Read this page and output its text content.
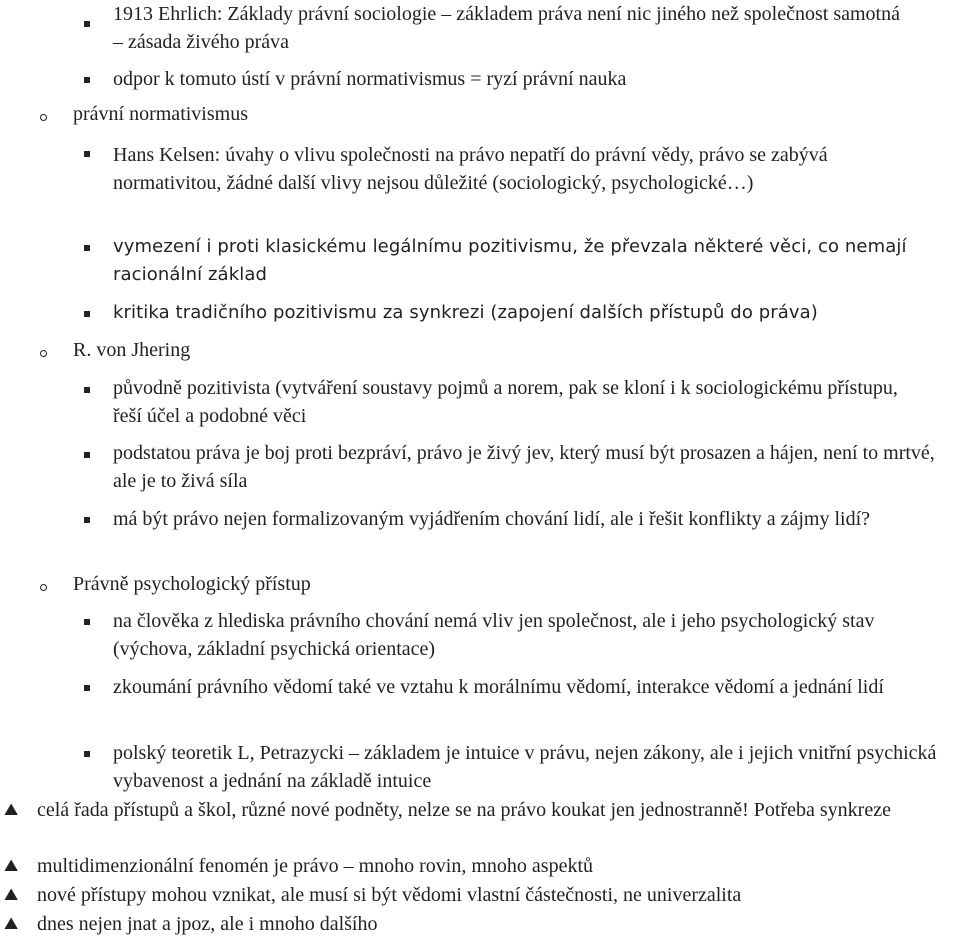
1913 Ehrlich: Základy právní sociologie – základem práva není nic jiného než společnost samotná – zásada živého práva
odpor k tomuto ústí v právní normativismus = ryzí právní nauka
právní normativismus
Hans Kelsen: úvahy o vlivu společnosti na právo nepatří do právní vědy, právo se zabývá normativitou, žádné další vlivy nejsou důležité (sociologický, psychologické…)
vymezení i proti klasickému legálnímu pozitivismu, že převzala některé věci, co nemají racionální základ
kritika tradičního pozitivismu za synkrezi (zapojení dalších přístupů do práva)
R. von Jhering
původně pozitivista (vytváření soustavy pojmů a norem, pak se kloní i k sociologickému přístupu, řeší účel a podobné věci
podstatou práva je boj proti bezpráví, právo je živý jev, který musí být prosazen a hájen, není to mrtvé, ale je to živá síla
má být právo nejen formalizovaným vyjádřením chování lidí, ale i řešit konflikty a zájmy lidí?
Právně psychologický přístup
na člověka z hlediska právního chování nemá vliv jen společnost, ale i jeho psychologický stav (výchova, základní psychická orientace)
zkoumání právního vědomí také ve vztahu k morálnímu vědomí, interakce vědomí a jednání lidí
polský teoretik L, Petrazycki – základem je intuice v právu, nejen zákony, ale i jejich vnitřní psychická vybavenost a jednání na základě intuice
⛰ celá řada přístupů a škol, různé nové podněty, nelze se na právo koukat jen jednostranně! Potřeba synkreze
⛰ multidimenzionální fenomén je právo – mnoho rovin, mnoho aspektů
⛰ nové přístupy mohou vznikat, ale musí si být vědomi vlastní částečnosti, ne univerzalita
⛰ dnes nejen jnat a jpoz, ale i mnoho dalšího
